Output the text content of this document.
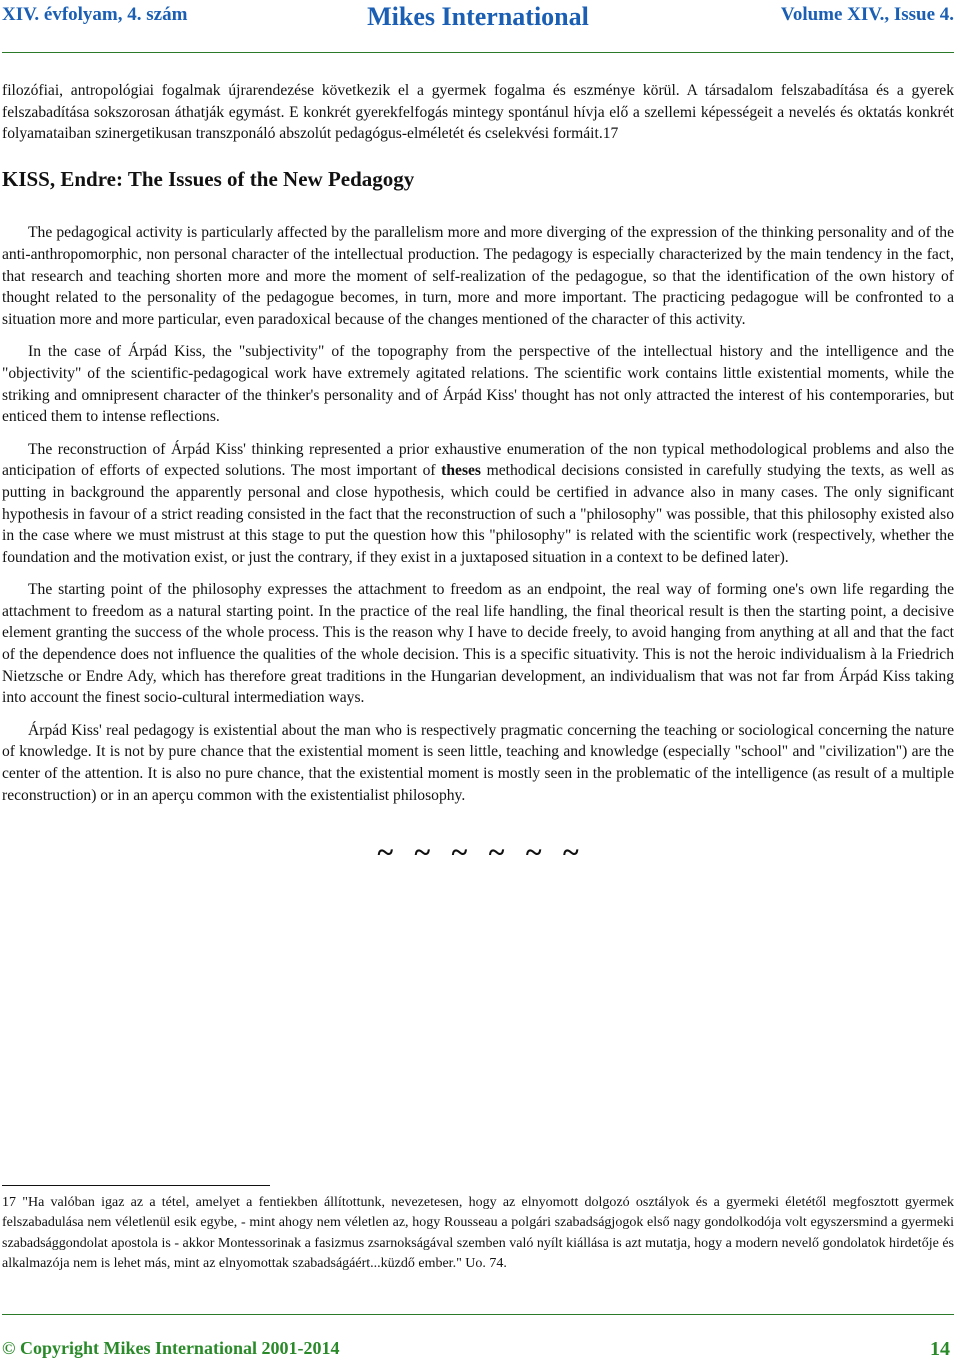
XIV. évfolyam, 4. szám	Mikes International	Volume XIV., Issue 4.

filozófiai, antropológiai fogalmak újrarendezése következik el a gyermek fogalma és eszménye körül. A társadalom felszabadítása és a gyerek felszabadítása sokszorosan áthatják egymást. E konkrét gyerekfelfogás mintegy spontánul hívja elő a szellemi képességeit a nevelés és oktatás konkrét folyamataiban szinergetikusan transzponáló abszolút pedagógus-elméletét és cselekvési formáit.17

KISS, Endre: The Issues of the New Pedagogy

The pedagogical activity is particularly affected by the parallelism more and more diverging of the expression of the thinking personality and of the anti-anthropomorphic, non personal character of the intellectual production. The pedagogy is especially characterized by the main tendency in the fact, that research and teaching shorten more and more the moment of self-realization of the pedagogue, so that the identification of the own history of thought related to the personality of the pedagogue becomes, in turn, more and more important. The practicing pedagogue will be confronted to a situation more and more particular, even paradoxical because of the changes mentioned of the character of this activity.

In the case of Árpád Kiss, the "subjectivity" of the topography from the perspective of the intellectual history and the intelligence and the "objectivity" of the scientific-pedagogical work have extremely agitated relations. The scientific work contains little existential moments, while the striking and omnipresent character of the thinker's personality and of Árpád Kiss' thought has not only attracted the interest of his contemporaries, but enticed them to intense reflections.

The reconstruction of Árpád Kiss' thinking represented a prior exhaustive enumeration of the non typical methodological problems and also the anticipation of efforts of expected solutions. The most important of theses methodical decisions consisted in carefully studying the texts, as well as putting in background the apparently personal and close hypothesis, which could be certified in advance also in many cases. The only significant hypothesis in favour of a strict reading consisted in the fact that the reconstruction of such a "philosophy" was possible, that this philosophy existed also in the case where we must mistrust at this stage to put the question how this "philosophy" is related with the scientific work (respectively, whether the foundation and the motivation exist, or just the contrary, if they exist in a juxtaposed situation in a context to be defined later).

The starting point of the philosophy expresses the attachment to freedom as an endpoint, the real way of forming one's own life regarding the attachment to freedom as a natural starting point. In the practice of the real life handling, the final theorical result is then the starting point, a decisive element granting the success of the whole process. This is the reason why I have to decide freely, to avoid hanging from anything at all and that the fact of the dependence does not influence the qualities of the whole decision. This is a specific situativity. This is not the heroic individualism à la Friedrich Nietzsche or Endre Ady, which has therefore great traditions in the Hungarian development, an individualism that was not far from Árpád Kiss taking into account the finest socio-cultural intermediation ways.

Árpád Kiss' real pedagogy is existential about the man who is respectively pragmatic concerning the teaching or sociological concerning the nature of knowledge. It is not by pure chance that the existential moment is seen little, teaching and knowledge (especially "school" and "civilization") are the center of the attention. It is also no pure chance, that the existential moment is mostly seen in the problematic of the intelligence (as result of a multiple reconstruction) or in an aperçu common with the existentialist philosophy.

~ ~ ~ ~ ~ ~

17 "Ha valóban igaz az a tétel, amelyet a fentiekben állítottunk, nevezetesen, hogy az elnyomott dolgozó osztályok és a gyermeki életétől megfosztott gyermek felszabadulása nem véletlenül esik egybe, - mint ahogy nem véletlen az, hogy Rousseau a polgári szabadságjogok első nagy gondolkodója volt egyszersmind a gyermeki szabadsággondolat apostola is - akkor Montessorinak a fasizmus zsarnokságával szemben való nyílt kiállása is azt mutatja, hogy a modern nevelő gondolatok hirdetője és alkalmazója nem is lehet más, mint az elnyomottak szabadságáért...küzdő ember." Uo. 74.
© Copyright Mikes International 2001-2014	14
